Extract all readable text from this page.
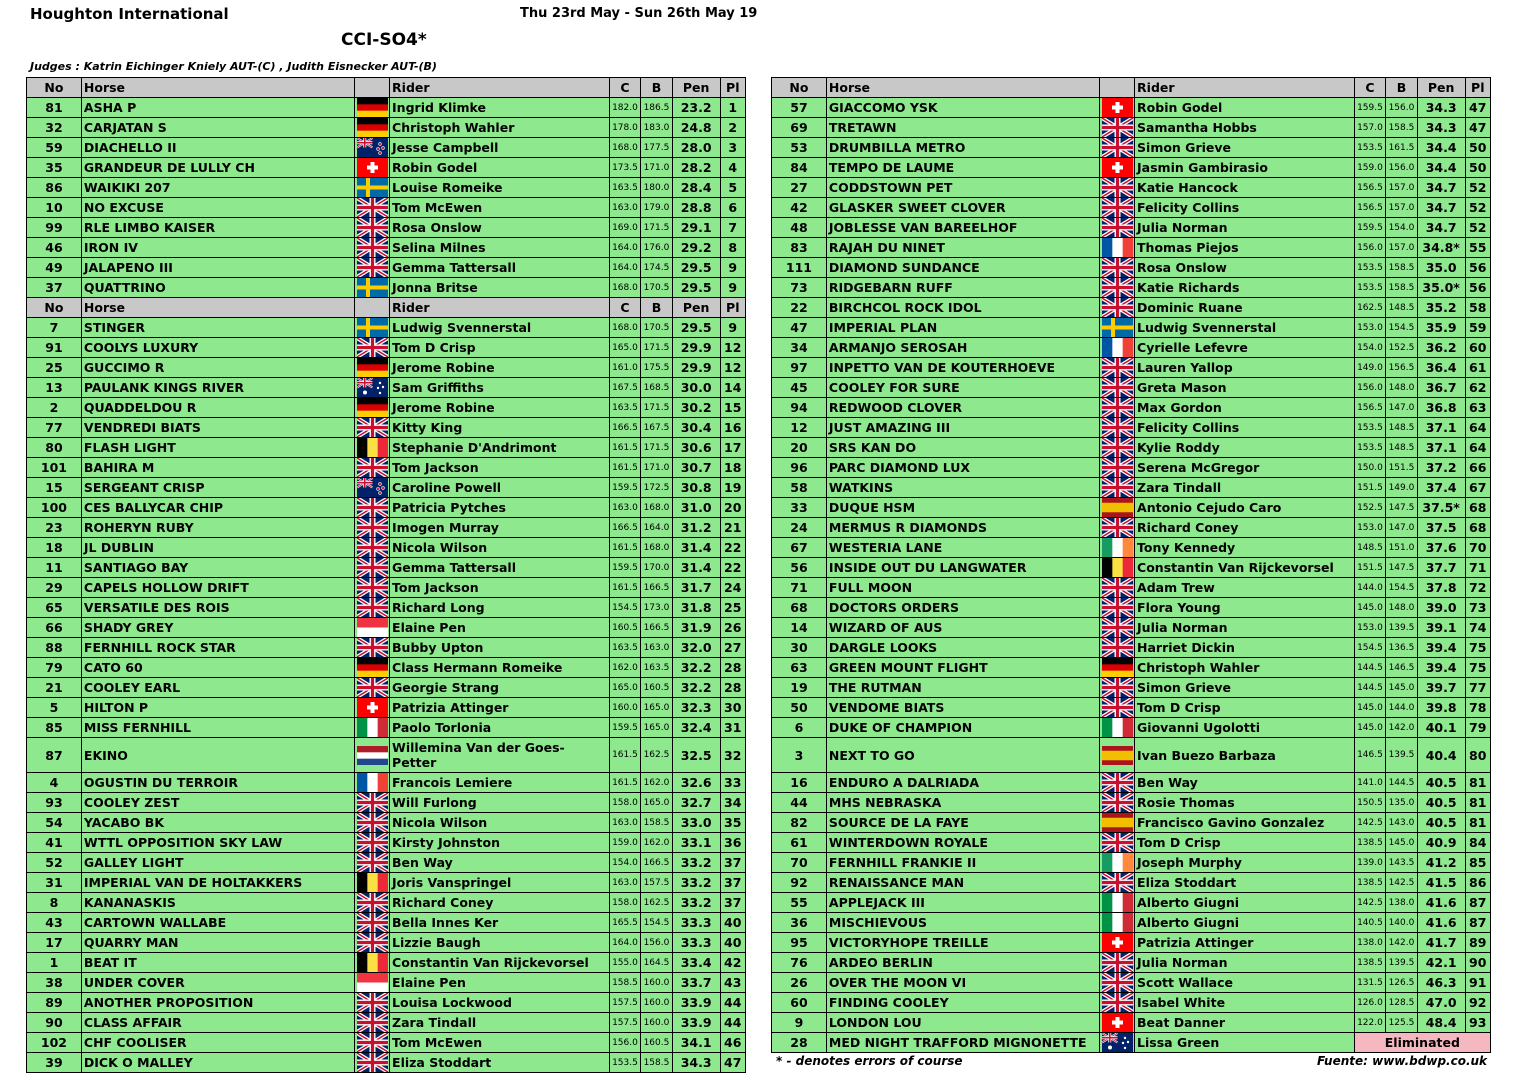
Houghton International	Thu 23rd May - Sun 26th May 19
CCI-SO4*
Judges : Katrin Eichinger Kniely AUT-(C) , Judith Eisnecker AUT-(B)
No	Horse		Rider	C	B	Pen	Pl
81	ASHA P		Ingrid Klimke	182.0	186.5	23.2	1
32	CARJATAN S		Christoph Wahler	178.0	183.0	24.8	2
59	DIACHELLO II		Jesse Campbell	168.0	177.5	28.0	3
35	GRANDEUR DE LULLY CH		Robin Godel	173.5	171.0	28.2	4
86	WAIKIKI 207		Louise Romeike	163.5	180.0	28.4	5
10	NO EXCUSE		Tom McEwen	163.0	179.0	28.8	6
99	RLE LIMBO KAISER		Rosa Onslow	169.0	171.5	29.1	7
46	IRON IV		Selina Milnes	164.0	176.0	29.2	8
49	JALAPENO III		Gemma Tattersall	164.0	174.5	29.5	9
37	QUATTRINO		Jonna Britse	168.0	170.5	29.5	9
No	Horse		Rider	C	B	Pen	Pl
7	STINGER		Ludwig Svennerstal	168.0	170.5	29.5	9
91	COOLYS LUXURY		Tom D Crisp	165.0	171.5	29.9	12
25	GUCCIMO R		Jerome Robine	161.0	175.5	29.9	12
13	PAULANK KINGS RIVER		Sam Griffiths	167.5	168.5	30.0	14
2	QUADDELDOU R		Jerome Robine	163.5	171.5	30.2	15
77	VENDREDI BIATS		Kitty King	166.5	167.5	30.4	16
80	FLASH LIGHT		Stephanie D'Andrimont	161.5	171.5	30.6	17
101	BAHIRA M		Tom Jackson	161.5	171.0	30.7	18
15	SERGEANT CRISP		Caroline Powell	159.5	172.5	30.8	19
100	CES BALLYCAR CHIP		Patricia Pytches	163.0	168.0	31.0	20
23	ROHERYN RUBY		Imogen Murray	166.5	164.0	31.2	21
18	JL DUBLIN		Nicola Wilson	161.5	168.0	31.4	22
11	SANTIAGO BAY		Gemma Tattersall	159.5	170.0	31.4	22
29	CAPELS HOLLOW DRIFT		Tom Jackson	161.5	166.5	31.7	24
65	VERSATILE DES ROIS		Richard Long	154.5	173.0	31.8	25
66	SHADY GREY		Elaine Pen	160.5	166.5	31.9	26
88	FERNHILL ROCK STAR		Bubby Upton	163.5	163.0	32.0	27
79	CATO 60		Class Hermann Romeike	162.0	163.5	32.2	28
21	COOLEY EARL		Georgie Strang	165.0	160.5	32.2	28
5	HILTON P		Patrizia Attinger	160.0	165.0	32.3	30
85	MISS FERNHILL		Paolo Torlonia	159.5	165.0	32.4	31
87	EKINO		Willemina Van der Goes-Petter	161.5	162.5	32.5	32
4	OGUSTIN DU TERROIR		Francois Lemiere	161.5	162.0	32.6	33
93	COOLEY ZEST		Will Furlong	158.0	165.0	32.7	34
54	YACABO BK		Nicola Wilson	163.0	158.5	33.0	35
41	WTTL OPPOSITION SKY LAW		Kirsty Johnston	159.0	162.0	33.1	36
52	GALLEY LIGHT		Ben Way	154.0	166.5	33.2	37
31	IMPERIAL VAN DE HOLTAKKERS		Joris Vanspringel	163.0	157.5	33.2	37
8	KANANASKIS		Richard Coney	158.0	162.5	33.2	37
43	CARTOWN WALLABE		Bella Innes Ker	165.5	154.5	33.3	40
17	QUARRY MAN		Lizzie Baugh	164.0	156.0	33.3	40
1	BEAT IT		Constantin Van Rijckevorsel	155.0	164.5	33.4	42
38	UNDER COVER		Elaine Pen	158.5	160.0	33.7	43
89	ANOTHER PROPOSITION		Louisa Lockwood	157.5	160.0	33.9	44
90	CLASS AFFAIR		Zara Tindall	157.5	160.0	33.9	44
102	CHF COOLISER		Tom McEwen	156.0	160.5	34.1	46
39	DICK O MALLEY		Eliza Stoddart	153.5	158.5	34.3	47
No	Horse		Rider	C	B	Pen	Pl
57	GIACCOMO YSK		Robin Godel	159.5	156.0	34.3	47
69	TRETAWN		Samantha Hobbs	157.0	158.5	34.3	47
53	DRUMBILLA METRO		Simon Grieve	153.5	161.5	34.4	50
84	TEMPO DE LAUME		Jasmin Gambirasio	159.0	156.0	34.4	50
27	CODDSTOWN PET		Katie Hancock	156.5	157.0	34.7	52
42	GLASKER SWEET CLOVER		Felicity Collins	156.5	157.0	34.7	52
48	JOBLESSE VAN BAREELHOF		Julia Norman	159.5	154.0	34.7	52
83	RAJAH DU NINET		Thomas Piejos	156.0	157.0	34.8*	55
111	DIAMOND SUNDANCE		Rosa Onslow	153.5	158.5	35.0	56
73	RIDGEBARN RUFF		Katie Richards	153.5	158.5	35.0*	56
22	BIRCHCOL ROCK IDOL		Dominic Ruane	162.5	148.5	35.2	58
47	IMPERIAL PLAN		Ludwig Svennerstal	153.0	154.5	35.9	59
34	ARMANJO SEROSAH		Cyrielle Lefevre	154.0	152.5	36.2	60
97	INPETTO VAN DE KOUTERHOEVE		Lauren Yallop	149.0	156.5	36.4	61
45	COOLEY FOR SURE		Greta Mason	156.0	148.0	36.7	62
94	REDWOOD CLOVER		Max Gordon	156.5	147.0	36.8	63
12	JUST AMAZING III		Felicity Collins	153.5	148.5	37.1	64
20	SRS KAN DO		Kylie Roddy	153.5	148.5	37.1	64
96	PARC DIAMOND LUX		Serena McGregor	150.0	151.5	37.2	66
58	WATKINS		Zara Tindall	151.5	149.0	37.4	67
33	DUQUE HSM		Antonio Cejudo Caro	152.5	147.5	37.5*	68
24	MERMUS R DIAMONDS		Richard Coney	153.0	147.0	37.5	68
67	WESTERIA LANE		Tony Kennedy	148.5	151.0	37.6	70
56	INSIDE OUT DU LANGWATER		Constantin Van Rijckevorsel	151.5	147.5	37.7	71
71	FULL MOON		Adam Trew	144.0	154.5	37.8	72
68	DOCTORS ORDERS		Flora Young	145.0	148.0	39.0	73
14	WIZARD OF AUS		Julia Norman	153.0	139.5	39.1	74
30	DARGLE LOOKS		Harriet Dickin	154.5	136.5	39.4	75
63	GREEN MOUNT FLIGHT		Christoph Wahler	144.5	146.5	39.4	75
19	THE RUTMAN		Simon Grieve	144.5	145.0	39.7	77
50	VENDOME BIATS		Tom D Crisp	145.0	144.0	39.8	78
6	DUKE OF CHAMPION		Giovanni Ugolotti	145.0	142.0	40.1	79
3	NEXT TO GO		Ivan Buezo Barbaza	146.5	139.5	40.4	80
16	ENDURO A DALRIADA		Ben Way	141.0	144.5	40.5	81
44	MHS NEBRASKA		Rosie Thomas	150.5	135.0	40.5	81
82	SOURCE DE LA FAYE		Francisco Gavino Gonzalez	142.5	143.0	40.5	81
61	WINTERDOWN ROYALE		Tom D Crisp	138.5	145.0	40.9	84
70	FERNHILL FRANKIE II		Joseph Murphy	139.0	143.5	41.2	85
92	RENAISSANCE MAN		Eliza Stoddart	138.5	142.5	41.5	86
55	APPLEJACK III		Alberto Giugni	142.5	138.0	41.6	87
36	MISCHIEVOUS		Alberto Giugni	140.5	140.0	41.6	87
95	VICTORYHOPE TREILLE		Patrizia Attinger	138.0	142.0	41.7	89
76	ARDEO BERLIN		Julia Norman	138.5	139.5	42.1	90
26	OVER THE MOON VI		Scott Wallace	131.5	126.5	46.3	91
60	FINDING COOLEY		Isabel White	126.0	128.5	47.0	92
9	LONDON LOU		Beat Danner	122.0	125.5	48.4	93
28	MED NIGHT TRAFFORD MIGNONETTE		Lissa Green	Eliminated			
* - denotes errors of course	Fuente: www.bdwp.co.uk
